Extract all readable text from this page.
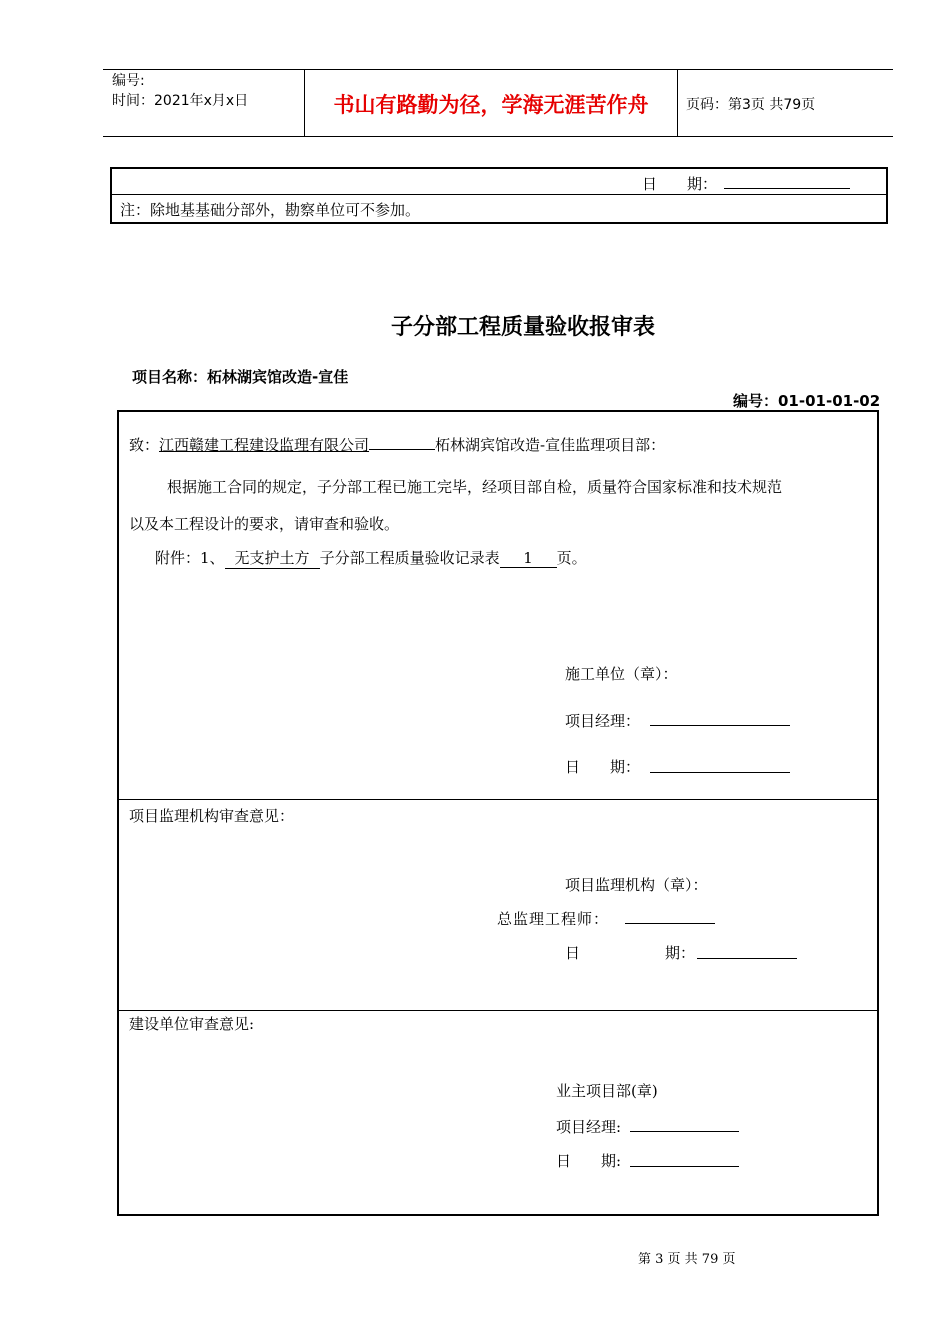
编号:
时间：2021年x月x日	书山有路勤为径，学海无涯苦作舟	页码：第3页 共79页
日　　期：
注：除地基基础分部外，勘察单位可不参加。
子分部工程质量验收报审表
项目名称：柘林湖宾馆改造-宣佳
编号：01-01-01-02
致：江西赣建工程建设监理有限公司	柘林湖宾馆改造-宣佳监理项目部：
根据施工合同的规定，子分部工程已施工完毕，经项目部自检，质量符合国家标准和技术规范
以及本工程设计的要求，请审查和验收。
附件：1、 无支护土方 子分部工程质量验收记录表 1 页。
施工单位（章）：
项目经理：
日　　期：
项目监理机构审查意见：
项目监理机构（章）：
总监理工程师：
日	期：
建设单位审查意见:
业主项目部(章)
项目经理:
日　　期:
第 3 页 共 79 页
